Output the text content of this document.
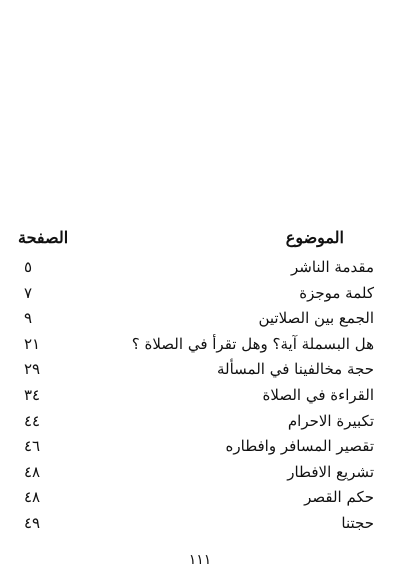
الموضوع
الصفحة
مقدمة الناشر
٥
كلمة موجزة
٧
الجمع بين الصلاتين
٩
هل البسملة آية؟ وهل تقرأ في الصلاة ؟
٢١
حجة مخالفينا في المسألة
٢٩
القراءة في الصلاة
٣٤
تكبيرة الاحرام
٤٤
تقصير المسافر وافطاره
٤٦
تشريع الافطار
٤٨
حكم القصر
٤٨
حجتنا
٤٩
١١١
